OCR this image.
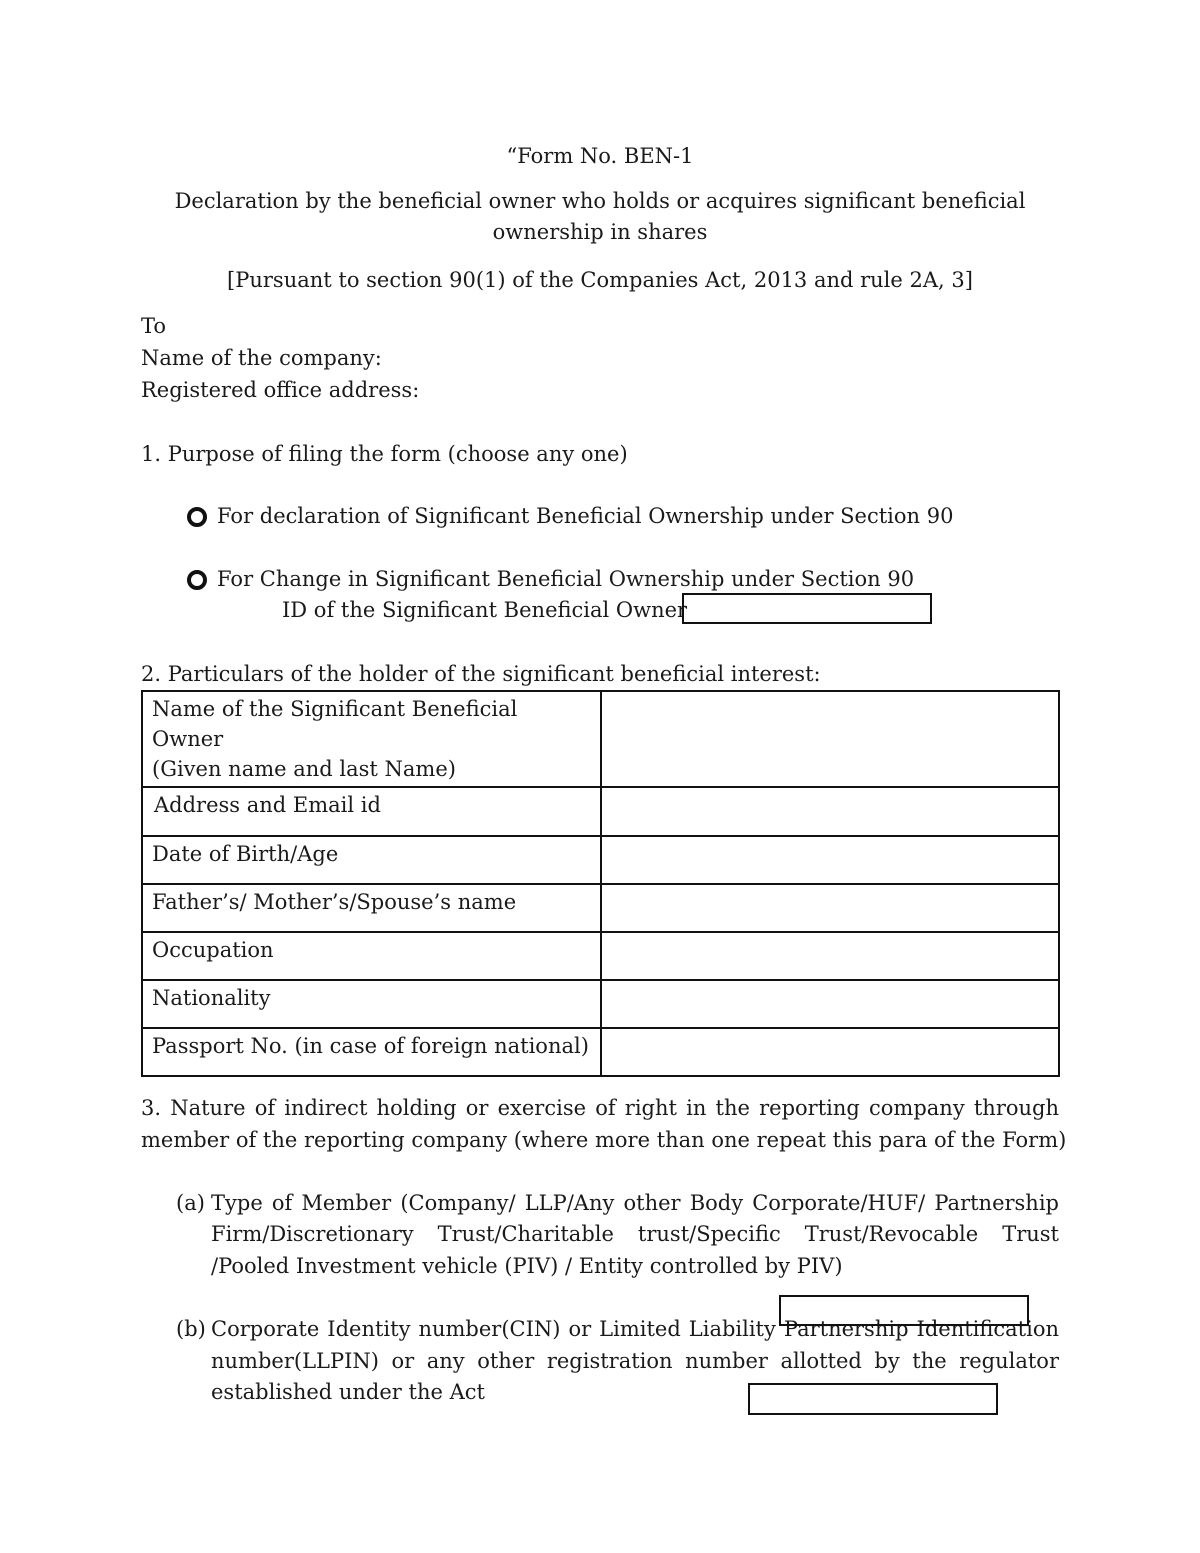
“Form No. BEN-1
Declaration by the beneficial owner who holds or acquires significant beneficial
ownership in shares
[Pursuant to section 90(1) of the Companies Act, 2013 and rule 2A, 3]
To
Name of the company:
Registered office address:
1. Purpose of filing the form (choose any one)
For declaration of Significant Beneficial Ownership under Section 90
For Change in Significant Beneficial Ownership under Section 90
ID of the Significant Beneficial Owner
2. Particulars of the holder of the significant beneficial interest:
Name of the Significant Beneficial Owner
(Given name and last Name)	

Address and Email id	

Date of Birth/Age	

Father’s/ Mother’s/Spouse’s name	

Occupation	

Nationality	

Passport No. (in case of foreign national)	

3. Nature of indirect holding or exercise of right in the reporting company through
member of the reporting company (where more than one repeat this para of the Form)
(a) Type of Member (Company/ LLP/Any other Body Corporate/HUF/ Partnership
Firm/Discretionary Trust/Charitable trust/Specific Trust/Revocable Trust
/Pooled Investment vehicle (PIV) / Entity controlled by PIV)
(b) Corporate Identity number(CIN) or Limited Liability Partnership Identification
number(LLPIN) or any other registration number allotted by the regulator
established under the Act
